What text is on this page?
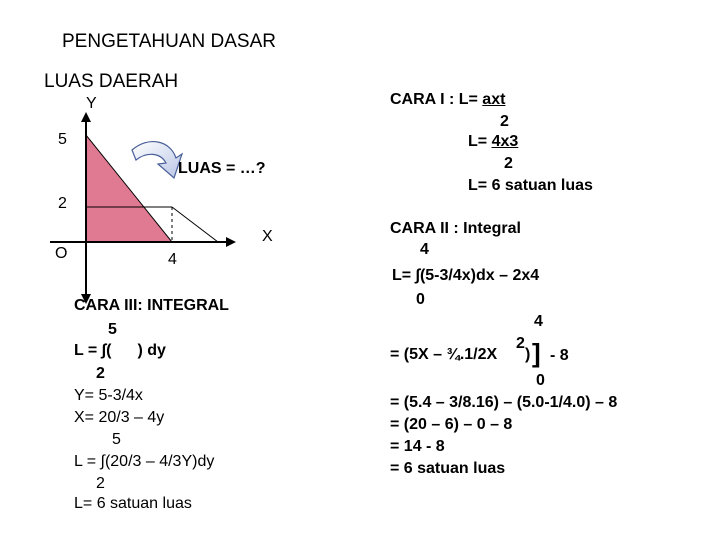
PENGETAHUAN DASAR
LUAS DAERAH
Y
X
5
2
O	4
LUAS = …?
CARA I : L= axt
2
L= 4x3
2
L= 6 satuan luas
CARA II : Integral
4
L= ∫(5-3/4x)dx – 2x4
0
4
= (5X – ¾.1/2X
2
) ] - 8
0
= (5.4 – 3/8.16) – (5.0-1/4.0) – 8
= (20 – 6) – 0 – 8
= 14 - 8
= 6 satuan luas
CARA III: INTEGRAL
5
L = ∫( ) dy
2
Y= 5-3/4x
X= 20/3 – 4y
5
L = ∫(20/3 – 4/3Y)dy
2
L= 6 satuan luas
